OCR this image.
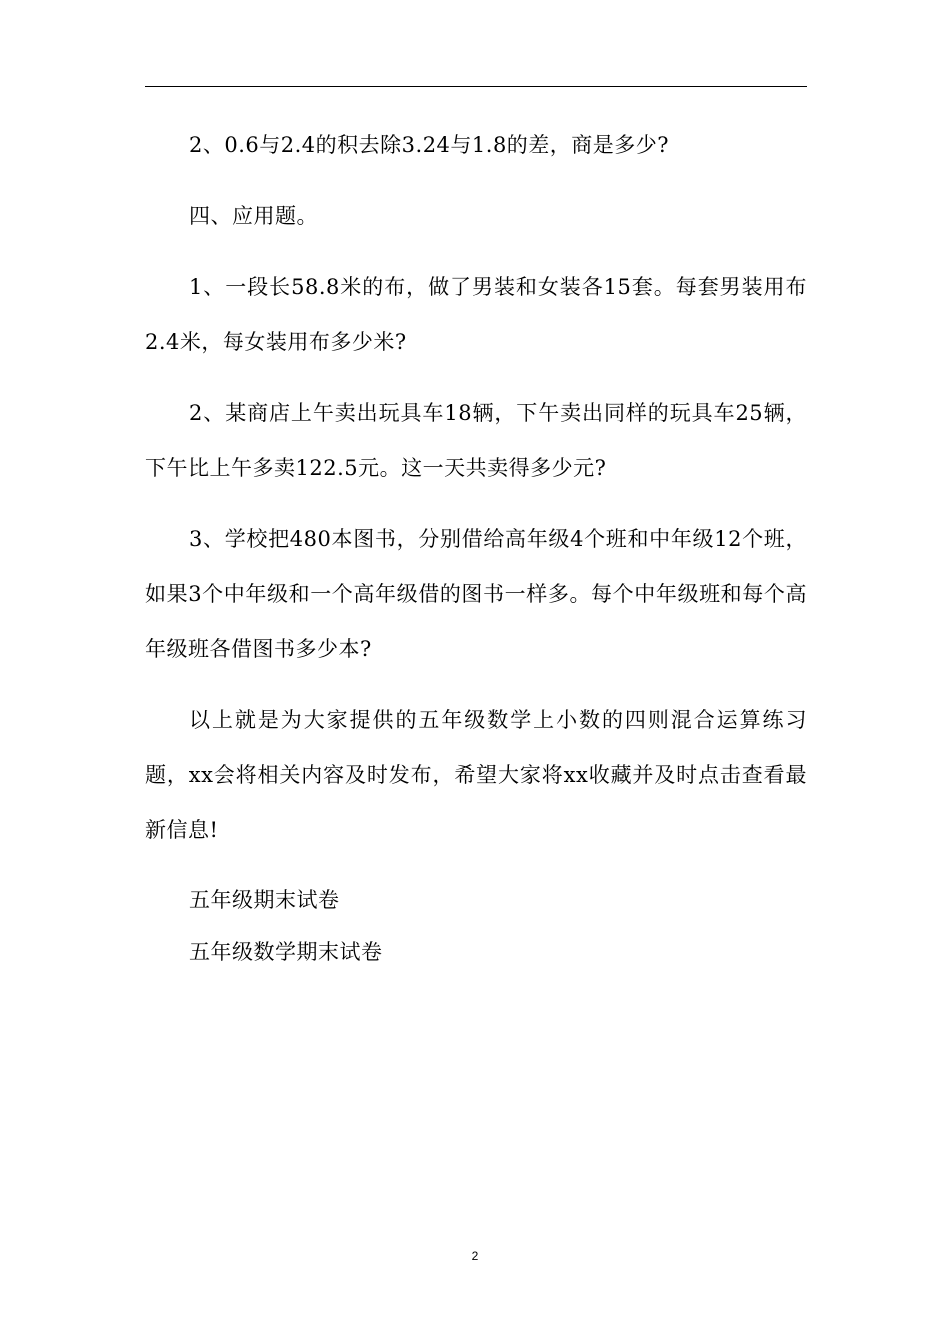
2、0.6与2.4的积去除3.24与1.8的差，商是多少?

四、应用题。

1、一段长58.8米的布，做了男装和女装各15套。每套男装用布2.4米，每女装用布多少米?

2、某商店上午卖出玩具车18辆，下午卖出同样的玩具车25辆，下午比上午多卖122.5元。这一天共卖得多少元?

3、学校把480本图书，分别借给高年级4个班和中年级12个班，如果3个中年级和一个高年级借的图书一样多。每个中年级班和每个高年级班各借图书多少本?

以上就是为大家提供的五年级数学上小数的四则混合运算练习题，xx会将相关内容及时发布，希望大家将xx收藏并及时点击查看最新信息!

五年级期末试卷

五年级数学期末试卷

2
